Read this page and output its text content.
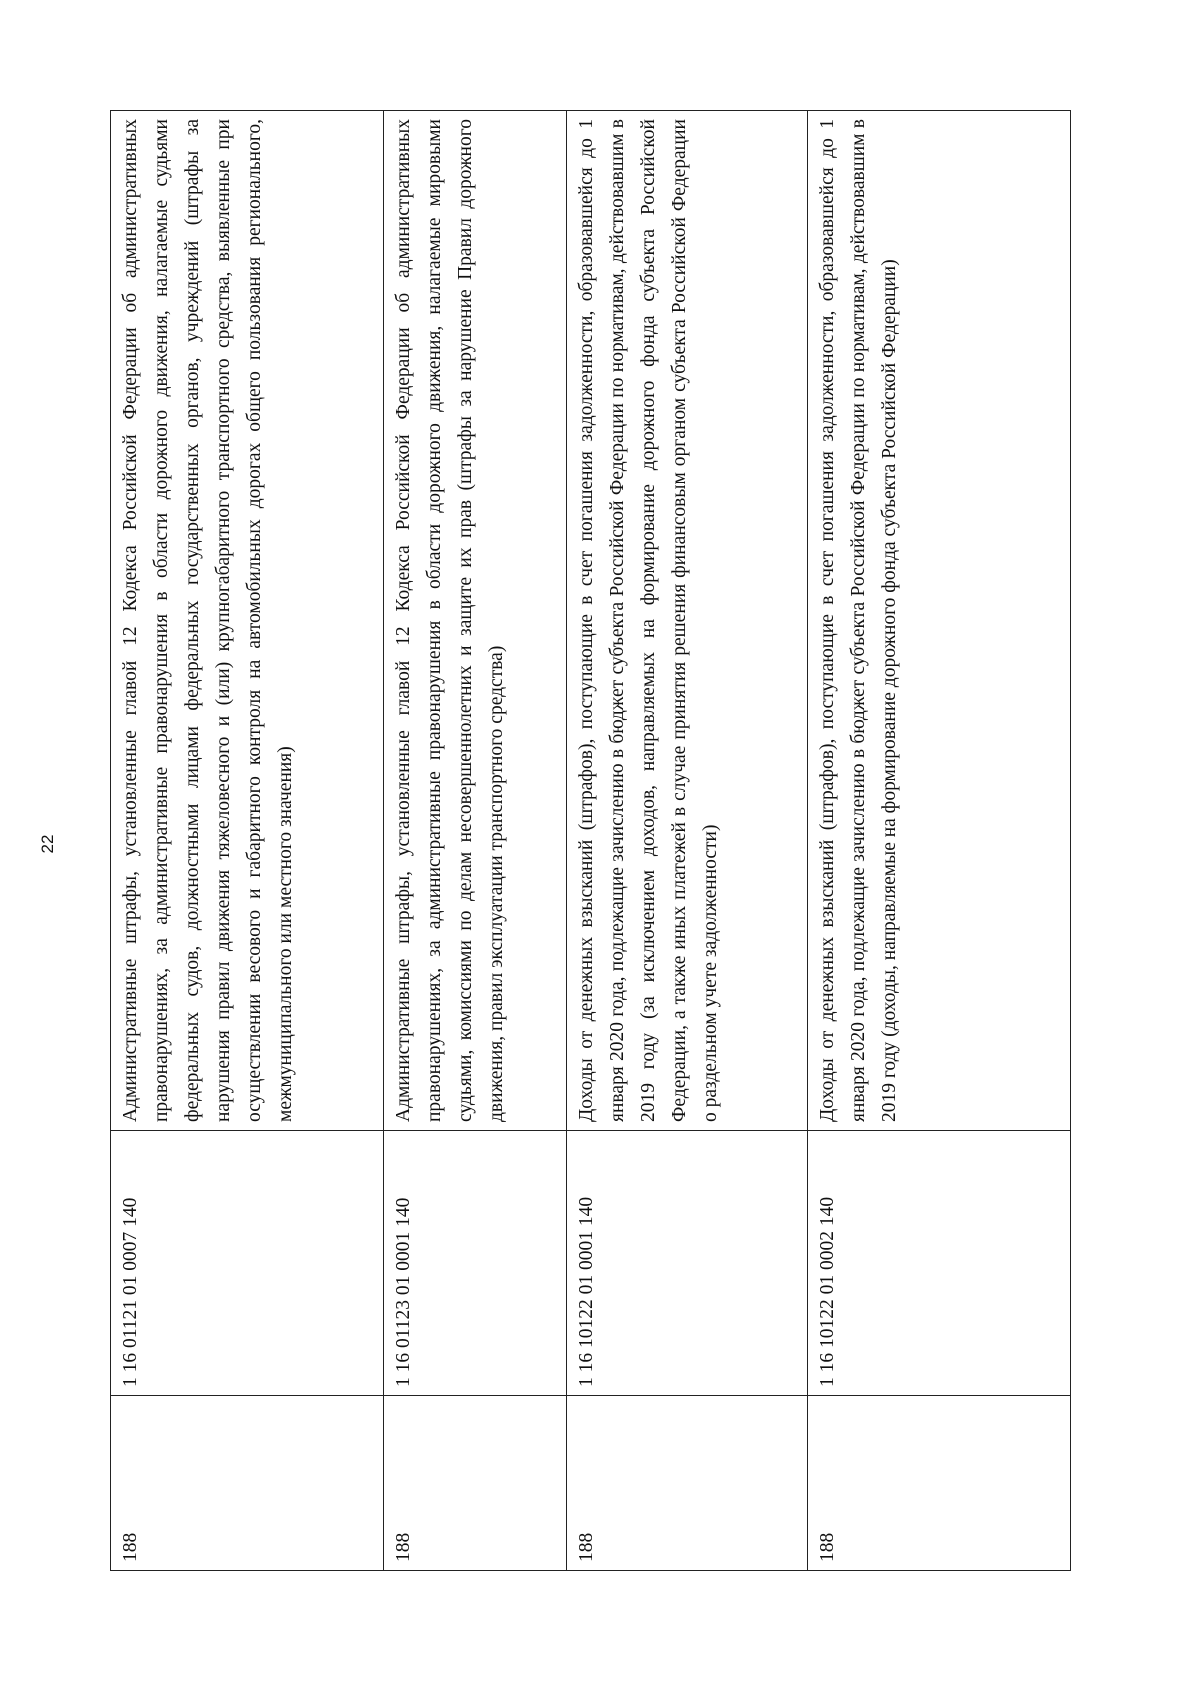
22
188	1 16 01121 01 0007 140	Административные штрафы, установленные главой 12 Кодекса Российской Федерации об административных правонарушениях, за административные правонарушения в области дорожного движения, налагаемые судьями федеральных судов, должностными лицами федеральных государственных органов, учреждений (штрафы за нарушения правил движения тяжеловесного и (или) крупногабаритного транспортного средства, выявленные при осуществлении весового и габаритного контроля на автомобильных дорогах общего пользования регионального, межмуниципального или местного значения)
188	1 16 01123 01 0001 140	Административные штрафы, установленные главой 12 Кодекса Российской Федерации об административных правонарушениях, за административные правонарушения в области дорожного движения, налагаемые мировыми судьями, комиссиями по делам несовершеннолетних и защите их прав (штрафы за нарушение Правил дорожного движения, правил эксплуатации транспортного средства)
188	1 16 10122 01 0001 140	Доходы от денежных взысканий (штрафов), поступающие в счет погашения задолженности, образовавшейся до 1 января 2020 года, подлежащие зачислению в бюджет субъекта Российской Федерации по нормативам, действовавшим в 2019 году (за исключением доходов, направляемых на формирование дорожного фонда субъекта Российской Федерации, а также иных платежей в случае принятия решения финансовым органом субъекта Российской Федерации о раздельном учете задолженности)
188	1 16 10122 01 0002 140	Доходы от денежных взысканий (штрафов), поступающие в счет погашения задолженности, образовавшейся до 1 января 2020 года, подлежащие зачислению в бюджет субъекта Российской Федерации по нормативам, действовавшим в 2019 году (доходы, направляемые на формирование дорожного фонда субъекта Российской Федерации)
